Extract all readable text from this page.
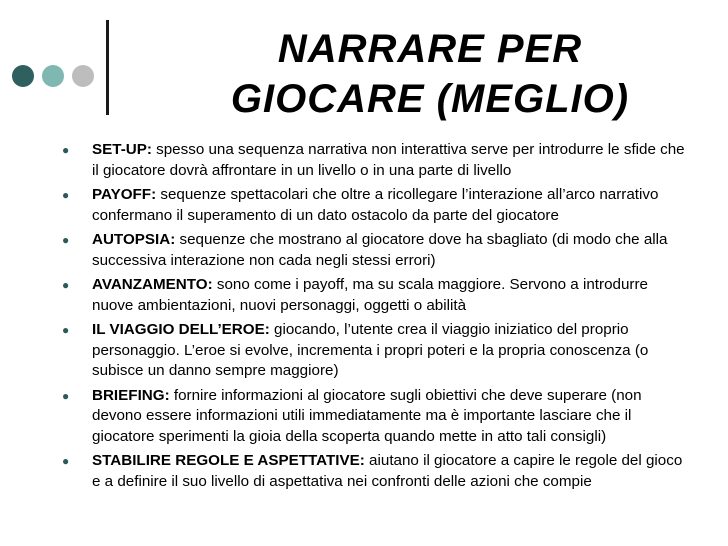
NARRARE PER
GIOCARE (MEGLIO)
●	SET-UP: spesso una sequenza narrativa non interattiva serve per introdurre le sfide che il giocatore dovrà affrontare in un livello o in una parte di livello
●	PAYOFF: sequenze spettacolari che oltre a ricollegare l’interazione all’arco narrativo confermano il superamento di un dato ostacolo da parte del giocatore
●	AUTOPSIA: sequenze che mostrano al giocatore dove ha sbagliato (di modo che alla successiva interazione non cada negli stessi errori)
●	AVANZAMENTO: sono come i payoff, ma su scala maggiore. Servono a introdurre nuove ambientazioni, nuovi personaggi, oggetti o abilità
●	IL VIAGGIO DELL’EROE: giocando, l’utente crea il viaggio iniziatico del proprio personaggio. L’eroe si evolve, incrementa i propri poteri e la propria conoscenza (o subisce un danno sempre maggiore)
●	BRIEFING: fornire informazioni al giocatore sugli obiettivi che deve superare (non devono essere informazioni utili immediatamente ma è importante lasciare che il giocatore sperimenti la gioia della scoperta quando mette in atto tali consigli)
●	STABILIRE REGOLE E ASPETTATIVE: aiutano il giocatore a capire le regole del gioco e a definire il suo livello di aspettativa nei confronti delle azioni che compie
